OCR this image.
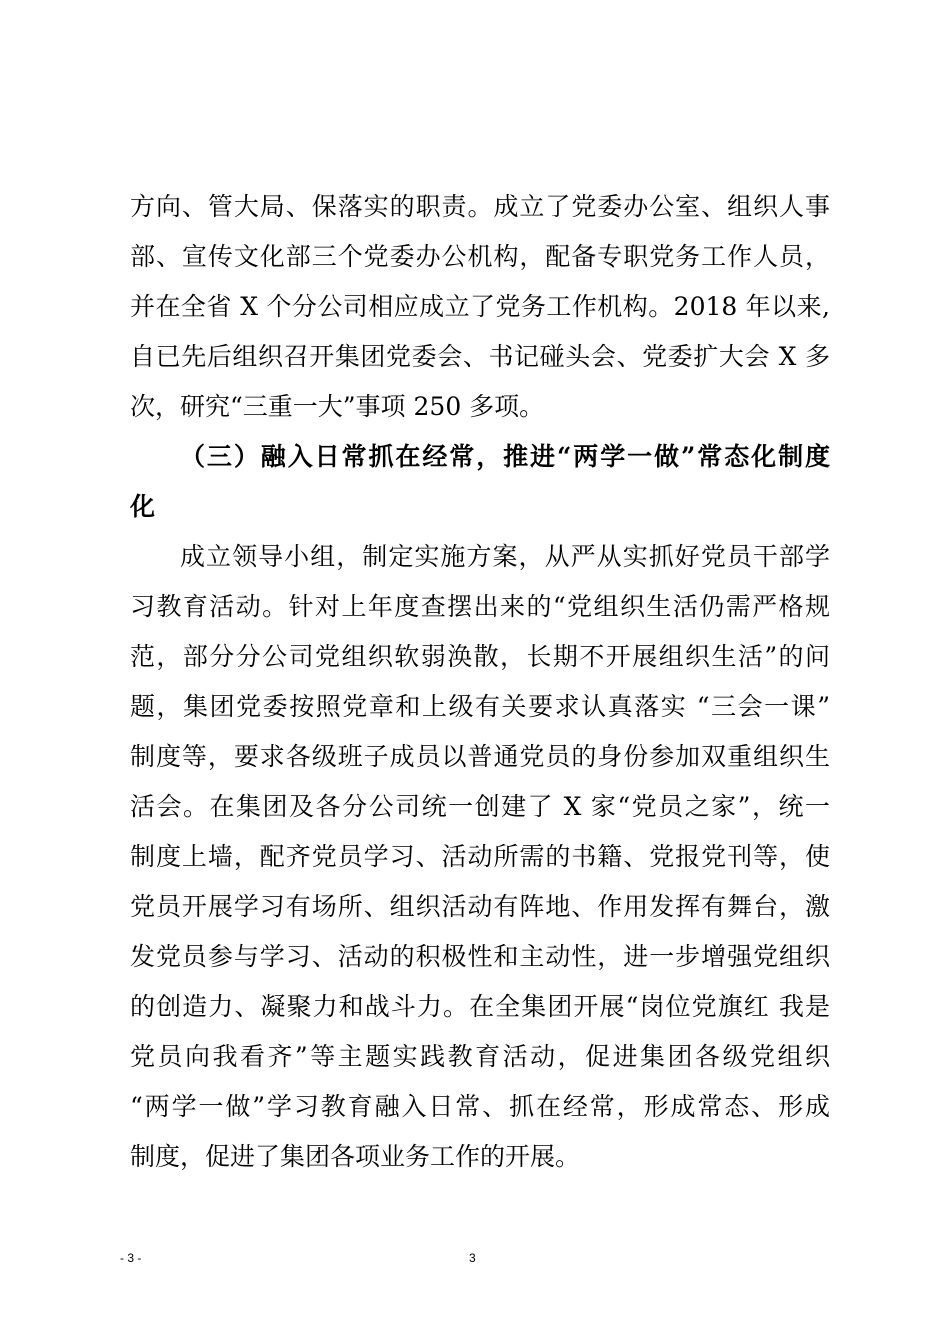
方向、管大局、保落实的职责。成立了党委办公室、组织人事
部、宣传文化部三个党委办公机构，配备专职党务工作人员，
并在全省 X 个分公司相应成立了党务工作机构。2018 年以来,
自已先后组织召开集团党委会、书记碰头会、党委扩大会 X 多
次，研究“三重一大”事项 250 多项。
（三）融入日常抓在经常，推进“两学一做”常态化制度
化
成立领导小组，制定实施方案，从严从实抓好党员干部学
习教育活动。针对上年度查摆出来的“党组织生活仍需严格规
范，部分分公司党组织软弱涣散，长期不开展组织生活”的问
题，集团党委按照党章和上级有关要求认真落实 “三会一课”
制度等，要求各级班子成员以普通党员的身份参加双重组织生
活会。在集团及各分公司统一创建了 X 家“党员之家”，统一
制度上墙，配齐党员学习、活动所需的书籍、党报党刊等，使
党员开展学习有场所、组织活动有阵地、作用发挥有舞台，激
发党员参与学习、活动的积极性和主动性，进一步增强党组织
的创造力、凝聚力和战斗力。在全集团开展“岗位党旗红 我是
党员向我看齐”等主题实践教育活动，促进集团各级党组织
“两学一做”学习教育融入日常、抓在经常，形成常态、形成
制度，促进了集团各项业务工作的开展。
- 3 -	3
